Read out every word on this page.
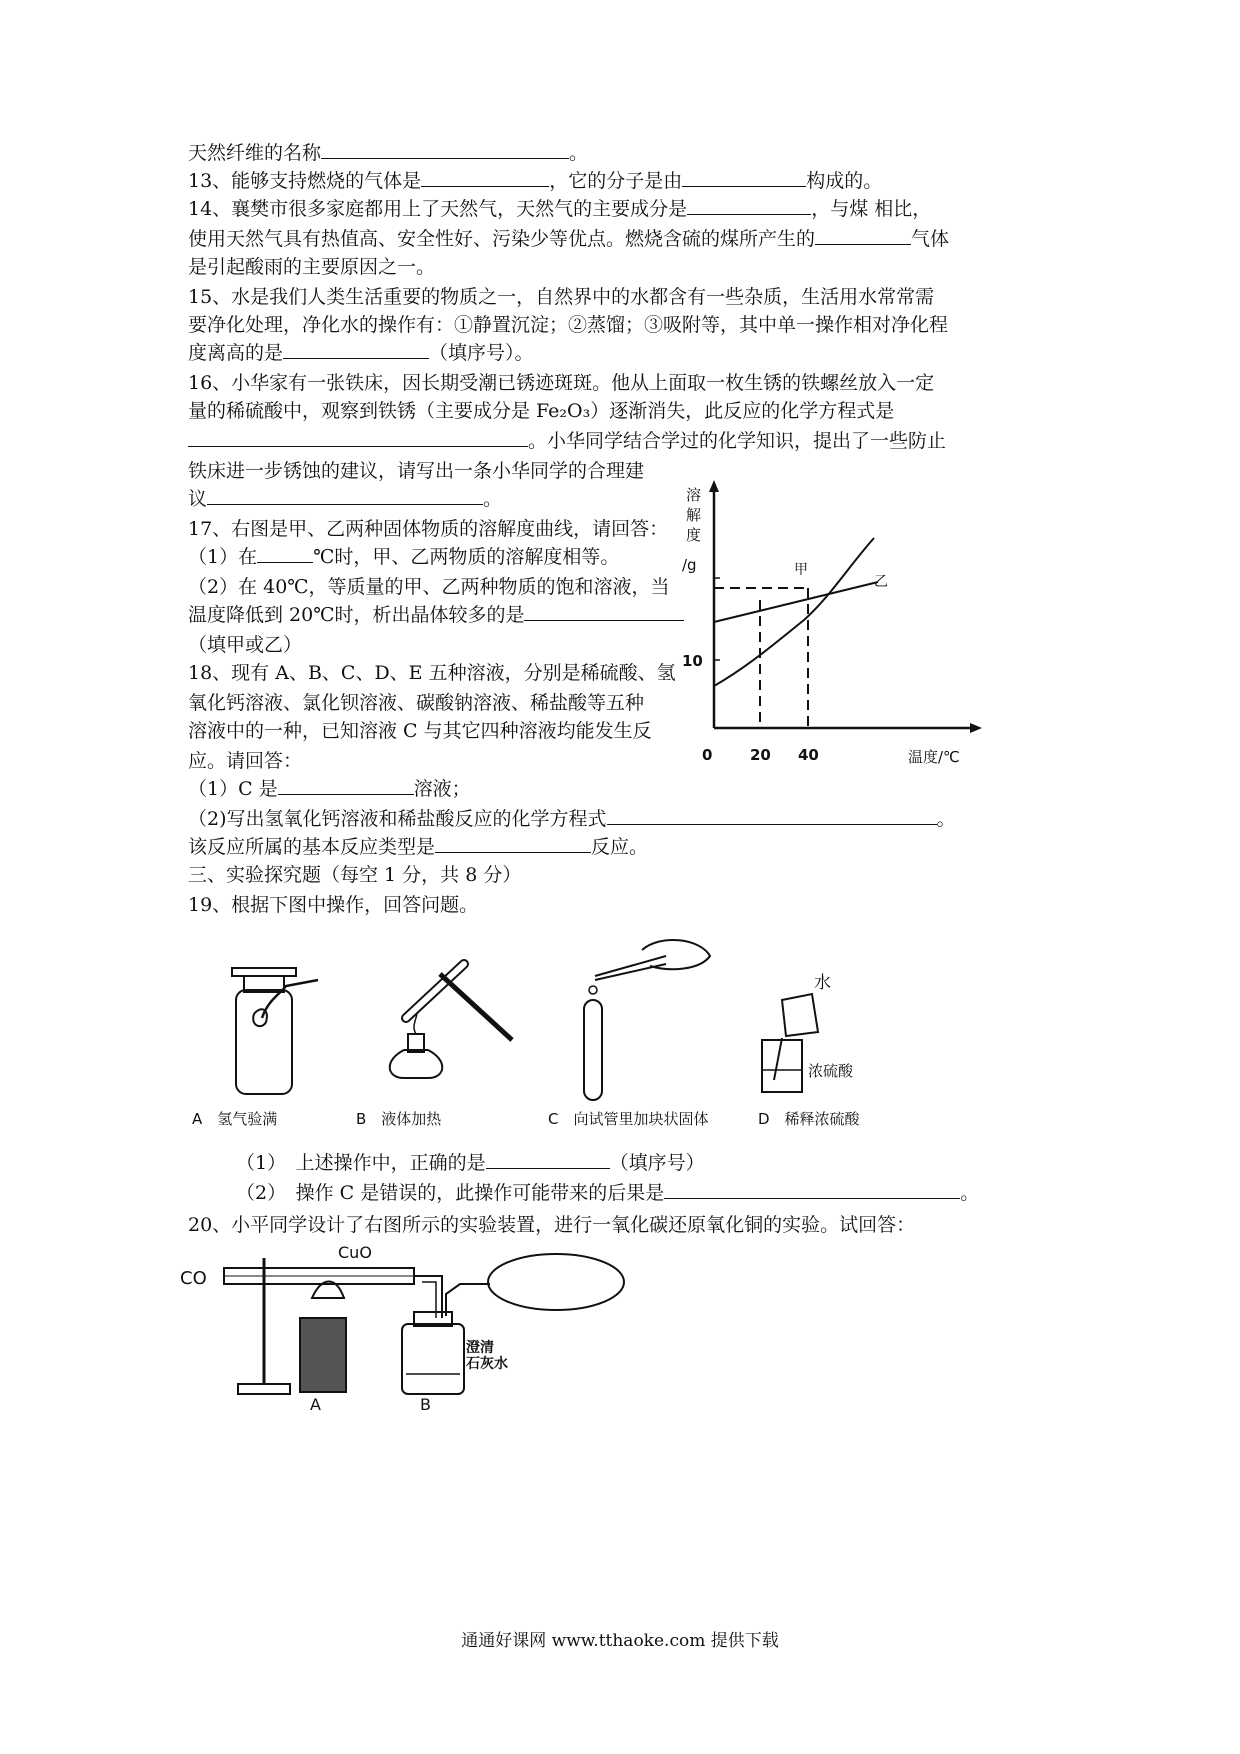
天然纤维的名称	。
13、能够支持燃烧的气体是	，它的分子是由	构成的。
14、襄樊市很多家庭都用上了天然气，天然气的主要成分是	，与煤 相比，
使用天然气具有热值高、安全性好、污染少等优点。燃烧含硫的煤所产生的	气体
是引起酸雨的主要原因之一。
15、水是我们人类生活重要的物质之一，自然界中的水都含有一些杂质，生活用水常常需
要净化处理，净化水的操作有：①静置沉淀；②蒸馏；③吸附等，其中单一操作相对净化程
度离高的是	（填序号）。
16、小华家有一张铁床，因长期受潮已锈迹斑斑。他从上面取一枚生锈的铁螺丝放入一定
量的稀硫酸中，观察到铁锈（主要成分是 Fe₂O₃）逐渐消失，此反应的化学方程式是
。小华同学结合学过的化学知识，提出了一些防止
铁床进一步锈蚀的建议，请写出一条小华同学的合理建
议	。
17、右图是甲、乙两种固体物质的溶解度曲线，请回答：
（1）在	℃时，甲、乙两物质的溶解度相等。
（2）在 40℃，等质量的甲、乙两种物质的饱和溶液，当
温度降低到 20℃时，析出晶体较多的是
（填甲或乙）
18、现有 A、B、C、D、E 五种溶液，分别是稀硫酸、氢
氧化钙溶液、氯化钡溶液、碳酸钠溶液、稀盐酸等五种
溶液中的一种，已知溶液 C 与其它四种溶液均能发生反
应。请回答：
（1）C 是	溶液；
（2)写出氢氧化钙溶液和稀盐酸反应的化学方程式	。
该反应所属的基本反应类型是	反应。
三、实验探究题（每空 1 分，共 8 分）
19、根据下图中操作，回答问题。
（1）　上述操作中，正确的是	（填序号）
（2）　操作 C 是错误的，此操作可能带来的后果是	。
20、小平同学设计了右图所示的实验装置，进行一氧化碳还原氧化铜的实验。试回答：
溶 解 度
/g
10
甲
乙
0	20 40	温度/℃
水
浓硫酸
A　氢气验满	B　液体加热	C　向试管里加块状固体	D　稀释浓硫酸
CO
CuO
A	B
澄清 石灰水
通通好课网 www.tthaoke.com 提供下载
